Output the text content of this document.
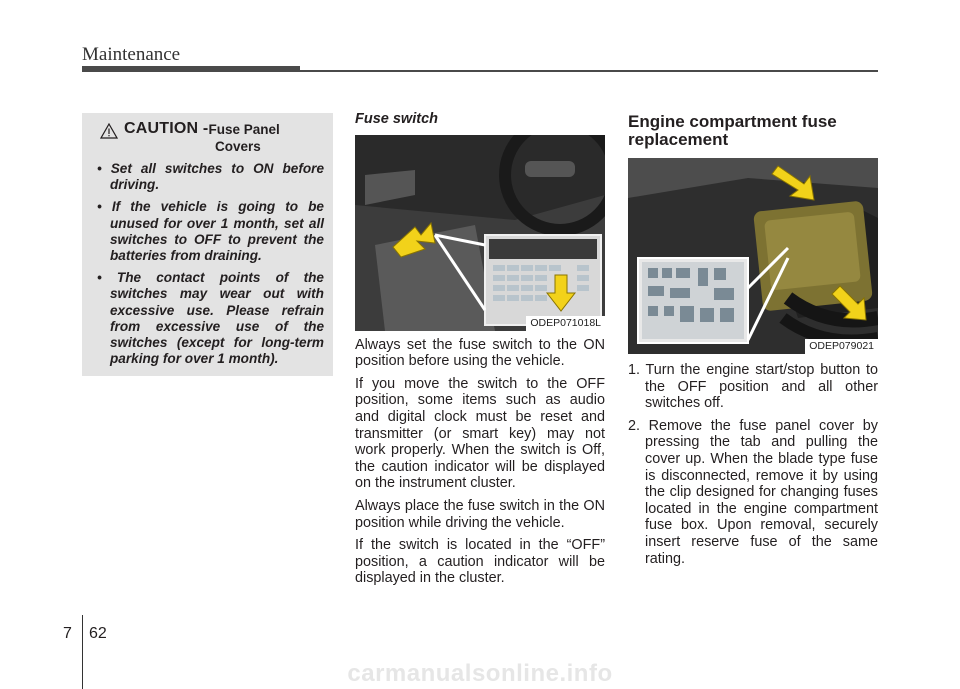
Maintenance
CAUTION - Fuse Panel
Covers
• Set all switches to ON before driving.
• If the vehicle is going to be unused for over 1 month, set all switches to OFF to prevent the batteries from draining.
• The contact points of the switches may wear out with excessive use. Please refrain from excessive use of the switches (except for long-term parking for over 1 month).
Fuse switch
ODEP071018L

Always set the fuse switch to the ON position before using the vehicle.

If you move the switch to the OFF position, some items such as audio and digital clock must be reset and transmitter (or smart key) may not work properly. When the switch is Off, the caution indicator will be displayed on the instrument cluster.

Always place the fuse switch in the ON position while driving the vehicle.

If the switch is located in the “OFF” position, a caution indicator will be displayed in the cluster.

Engine compartment fuse replacement
ODEP079021
1. Turn the engine start/stop button to the OFF position and all other switches off.
2. Remove the fuse panel cover by pressing the tab and pulling the cover up. When the blade type fuse is disconnected, remove it by using the clip designed for changing fuses located in the engine compartment fuse box. Upon removal, securely insert reserve fuse of the same rating.
7 62
carmanualsonline.info
